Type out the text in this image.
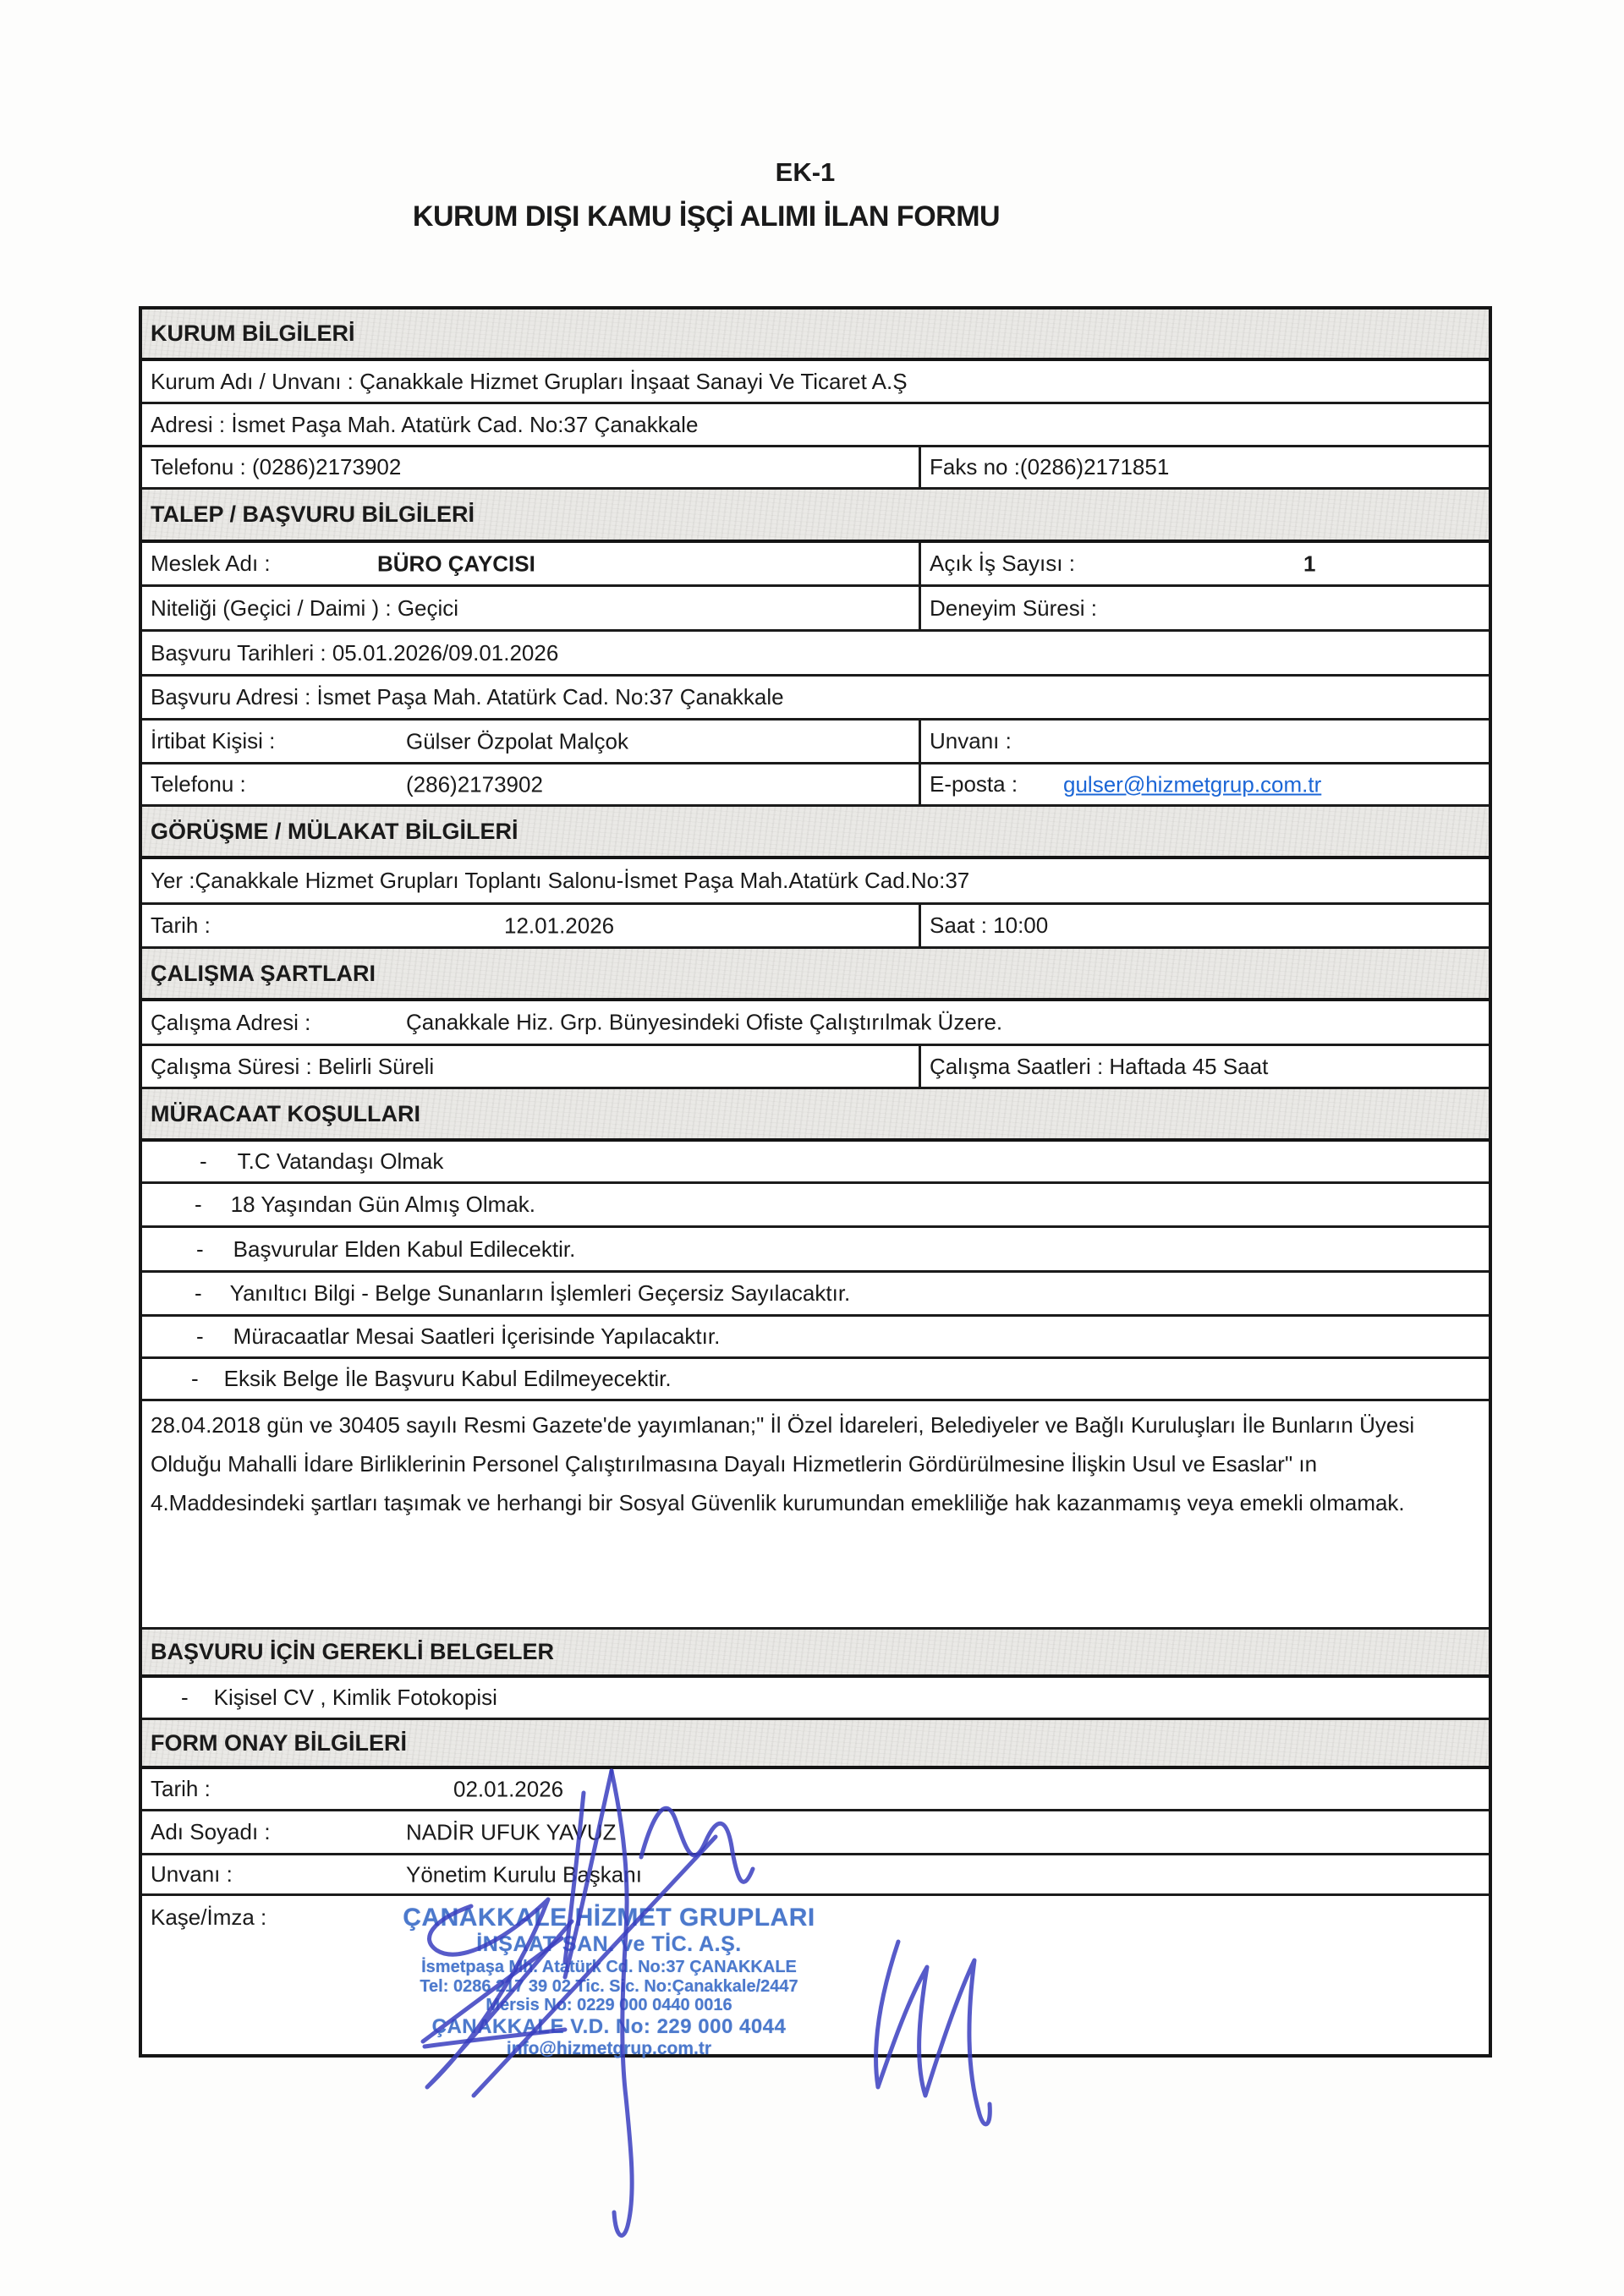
EK-1
KURUM DIŞI KAMU İŞÇİ ALIMI İLAN FORMU
KURUM BİLGİLERİ
Kurum Adı / Unvanı : Çanakkale Hizmet Grupları İnşaat Sanayi Ve Ticaret A.Ş
Adresi : İsmet Paşa Mah. Atatürk Cad. No:37 Çanakkale
Telefonu : (0286)2173902	Faks no :(0286)2171851
TALEP / BAŞVURU BİLGİLERİ
Meslek Adı :	BÜRO ÇAYCISI	Açık İş Sayısı :	1
Niteliği (Geçici / Daimi ) : Geçici	Deneyim Süresi :
Başvuru Tarihleri : 05.01.2026/09.01.2026
Başvuru Adresi : İsmet Paşa Mah. Atatürk Cad. No:37 Çanakkale
İrtibat Kişisi :	Gülser Özpolat Malçok	Unvanı :
Telefonu :	(286)2173902	E-posta : gulser@hizmetgrup.com.tr
GÖRÜŞME / MÜLAKAT BİLGİLERİ
Yer :Çanakkale Hizmet Grupları Toplantı Salonu-İsmet Paşa Mah.Atatürk Cad.No:37
Tarih :	12.01.2026	Saat : 10:00
ÇALIŞMA ŞARTLARI
Çalışma Adresi :	Çanakkale Hiz. Grp. Bünyesindeki Ofiste Çalıştırılmak Üzere.
Çalışma Süresi : Belirli Süreli	Çalışma Saatleri : Haftada 45 Saat
MÜRACAAT KOŞULLARI
- T.C Vatandaşı Olmak
- 18 Yaşından Gün Almış Olmak.
- Başvurular Elden Kabul Edilecektir.
- Yanıltıcı Bilgi - Belge Sunanların İşlemleri Geçersiz Sayılacaktır.
- Müracaatlar Mesai Saatleri İçerisinde Yapılacaktır.
- Eksik Belge İle Başvuru Kabul Edilmeyecektir.

28.04.2018 gün ve 30405 sayılı Resmi Gazete'de yayımlanan;" İl Özel İdareleri, Belediyeler ve Bağlı Kuruluşları İle Bunların Üyesi Olduğu Mahalli İdare Birliklerinin Personel Çalıştırılmasına Dayalı Hizmetlerin Gördürülmesine İlişkin Usul ve Esaslar" ın 4.Maddesindeki şartları taşımak ve herhangi bir Sosyal Güvenlik kurumundan emekliliğe hak kazanmamış veya emekli olmamak.

BAŞVURU İÇİN GEREKLİ BELGELER
- Kişisel CV , Kimlik Fotokopisi
FORM ONAY BİLGİLERİ
Tarih :	02.01.2026
Adı Soyadı :	NADİR UFUK YAVUZ
Unvanı :	Yönetim Kurulu Başkanı
Kaşe/İmza :	ÇANAKKALE HİZMET GRUPLARI
İNŞAAT SAN. ve TİC. A.Ş.
İsmetpaşa Mh. Atatürk Cd. No:37 ÇANAKKALE
Tel: 0286 217 39 02 Tic. Sic. No:Çanakkale/2447
Mersis No: 0229 000 0440 0016
ÇANAKKALE V.D. No: 229 000 4044
info@hizmetgrup.com.tr
